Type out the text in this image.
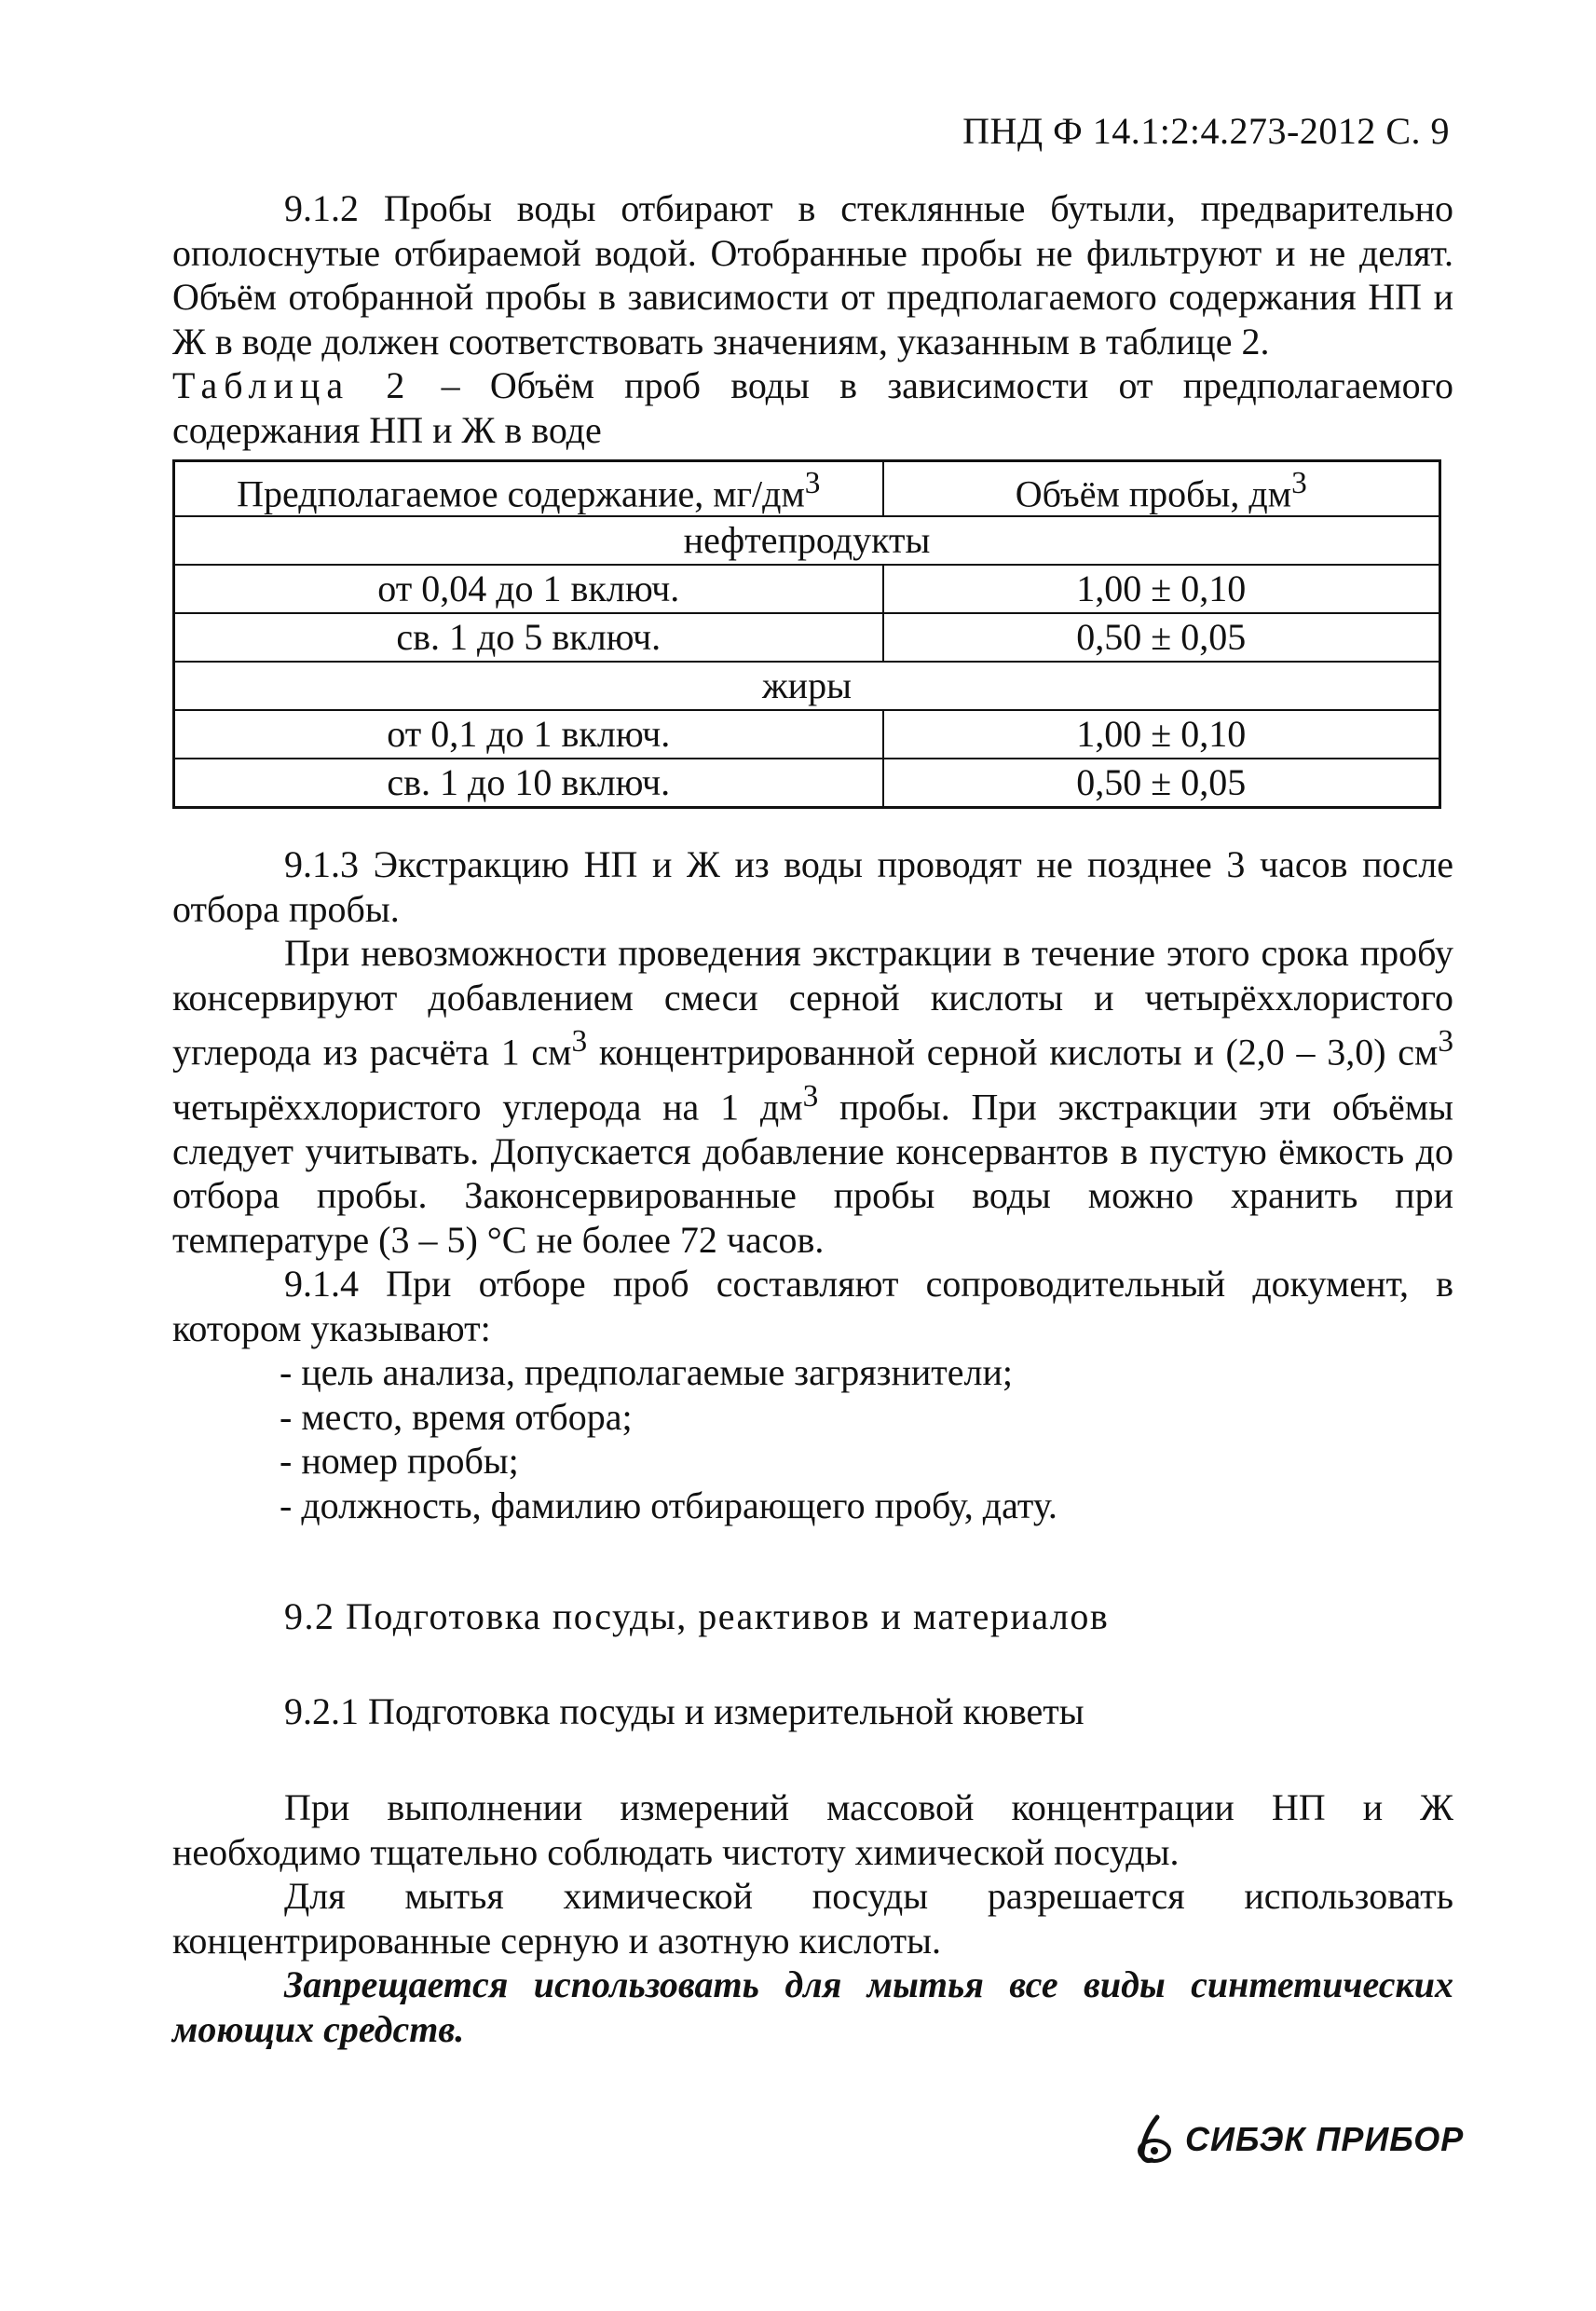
ПНД Ф 14.1:2:4.273-2012 С. 9

9.1.2 Пробы воды отбирают в стеклянные бутыли, предварительно ополоснутые отбираемой водой. Отобранные пробы не фильтруют и не делят. Объём отобранной пробы в зависимости от предполагаемого содержания НП и Ж в воде должен соответствовать значениям, указанным в таблице 2.

Таблица 2 – Объём проб воды в зависимости от предполагаемого содержания НП и Ж в воде

Предполагаемое содержание, $мг/дм^3$	Объём пробы, $дм^3$
нефтепродукты	
от 0,04 до 1 включ.	1,00 ± 0,10
св. 1 до 5 включ.	0,50 ± 0,05
жиры	
от 0,1 до 1 включ.	1,00 ± 0,10
св. 1 до 10 включ.	0,50 ± 0,05

9.1.3 Экстракцию НП и Ж из воды проводят не позднее 3 часов после отбора пробы.

При невозможности проведения экстракции в течение этого срока пробу консервируют добавлением смеси серной кислоты и четырёххлористого углерода из расчёта 1 $см^3$ концентрированной серной кислоты и (2,0 – 3,0) $см^3$ четырёххлористого углерода на 1 $дм^3$ пробы. При экстракции эти объёмы следует учитывать. Допускается добавление консервантов в пустую ёмкость до отбора пробы. Законсервированные пробы воды можно хранить при температуре (3 – 5) °C не более 72 часов.

9.1.4 При отборе проб составляют сопроводительный документ, в котором указывают:

- цель анализа, предполагаемые загрязнители;
- место, время отбора;
- номер пробы;
- должность, фамилию отбирающего пробу, дату.

9.2 Подготовка посуды, реактивов и материалов

9.2.1 Подготовка посуды и измерительной кюветы

При выполнении измерений массовой концентрации НП и Ж необходимо тщательно соблюдать чистоту химической посуды.

Для мытья химической посуды разрешается использовать концентрированные серную и азотную кислоты.

Запрещается использовать для мытья все виды синтетических моющих средств.

СИБЭК ПРИБОР
